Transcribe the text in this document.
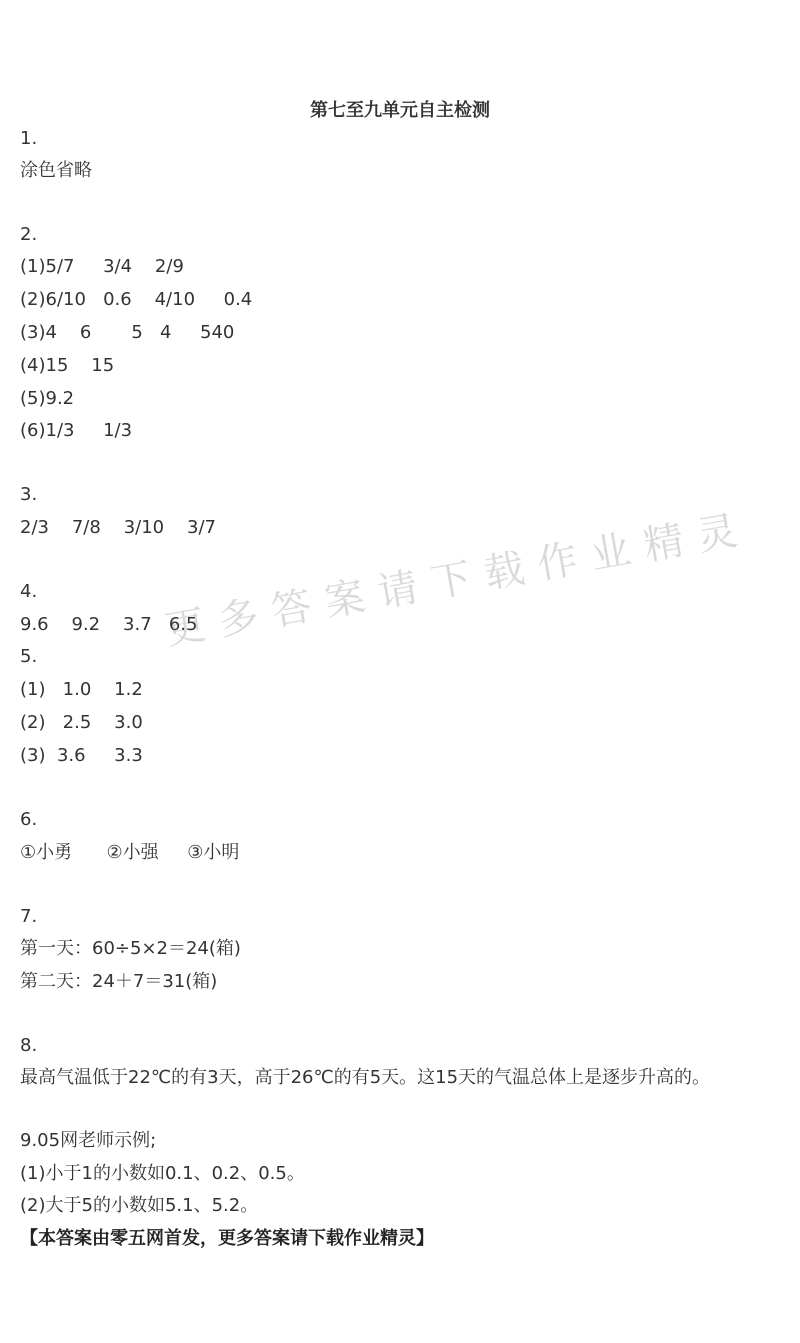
第七至九单元自主检测
1.
涂色省略
2.
(1)5/7     3/4    2/9
(2)6/10   0.6    4/10     0.4
(3)4    6       5   4     540
(4)15    15
(5)9.2
(6)1/3     1/3
3.
2/3    7/8    3/10    3/7
4.
9.6    9.2    3.7   6.5
5.
(1)   1.0    1.2
(2)   2.5    3.0
(3)  3.6     3.3
6.
①小勇      ②小强     ③小明
7.
第一天：60÷5×2＝24(箱)
第二天：24＋7＝31(箱)
8.
最高气温低于22℃的有3天，高于26℃的有5天。这15天的气温总体上是逐步升高的。
9.05网老师示例;
(1)小于1的小数如0.1、0.2、0.5。
(2)大于5的小数如5.1、5.2。
【本答案由零五网首发，更多答案请下载作业精灵】
更多答案请下载作业精灵
